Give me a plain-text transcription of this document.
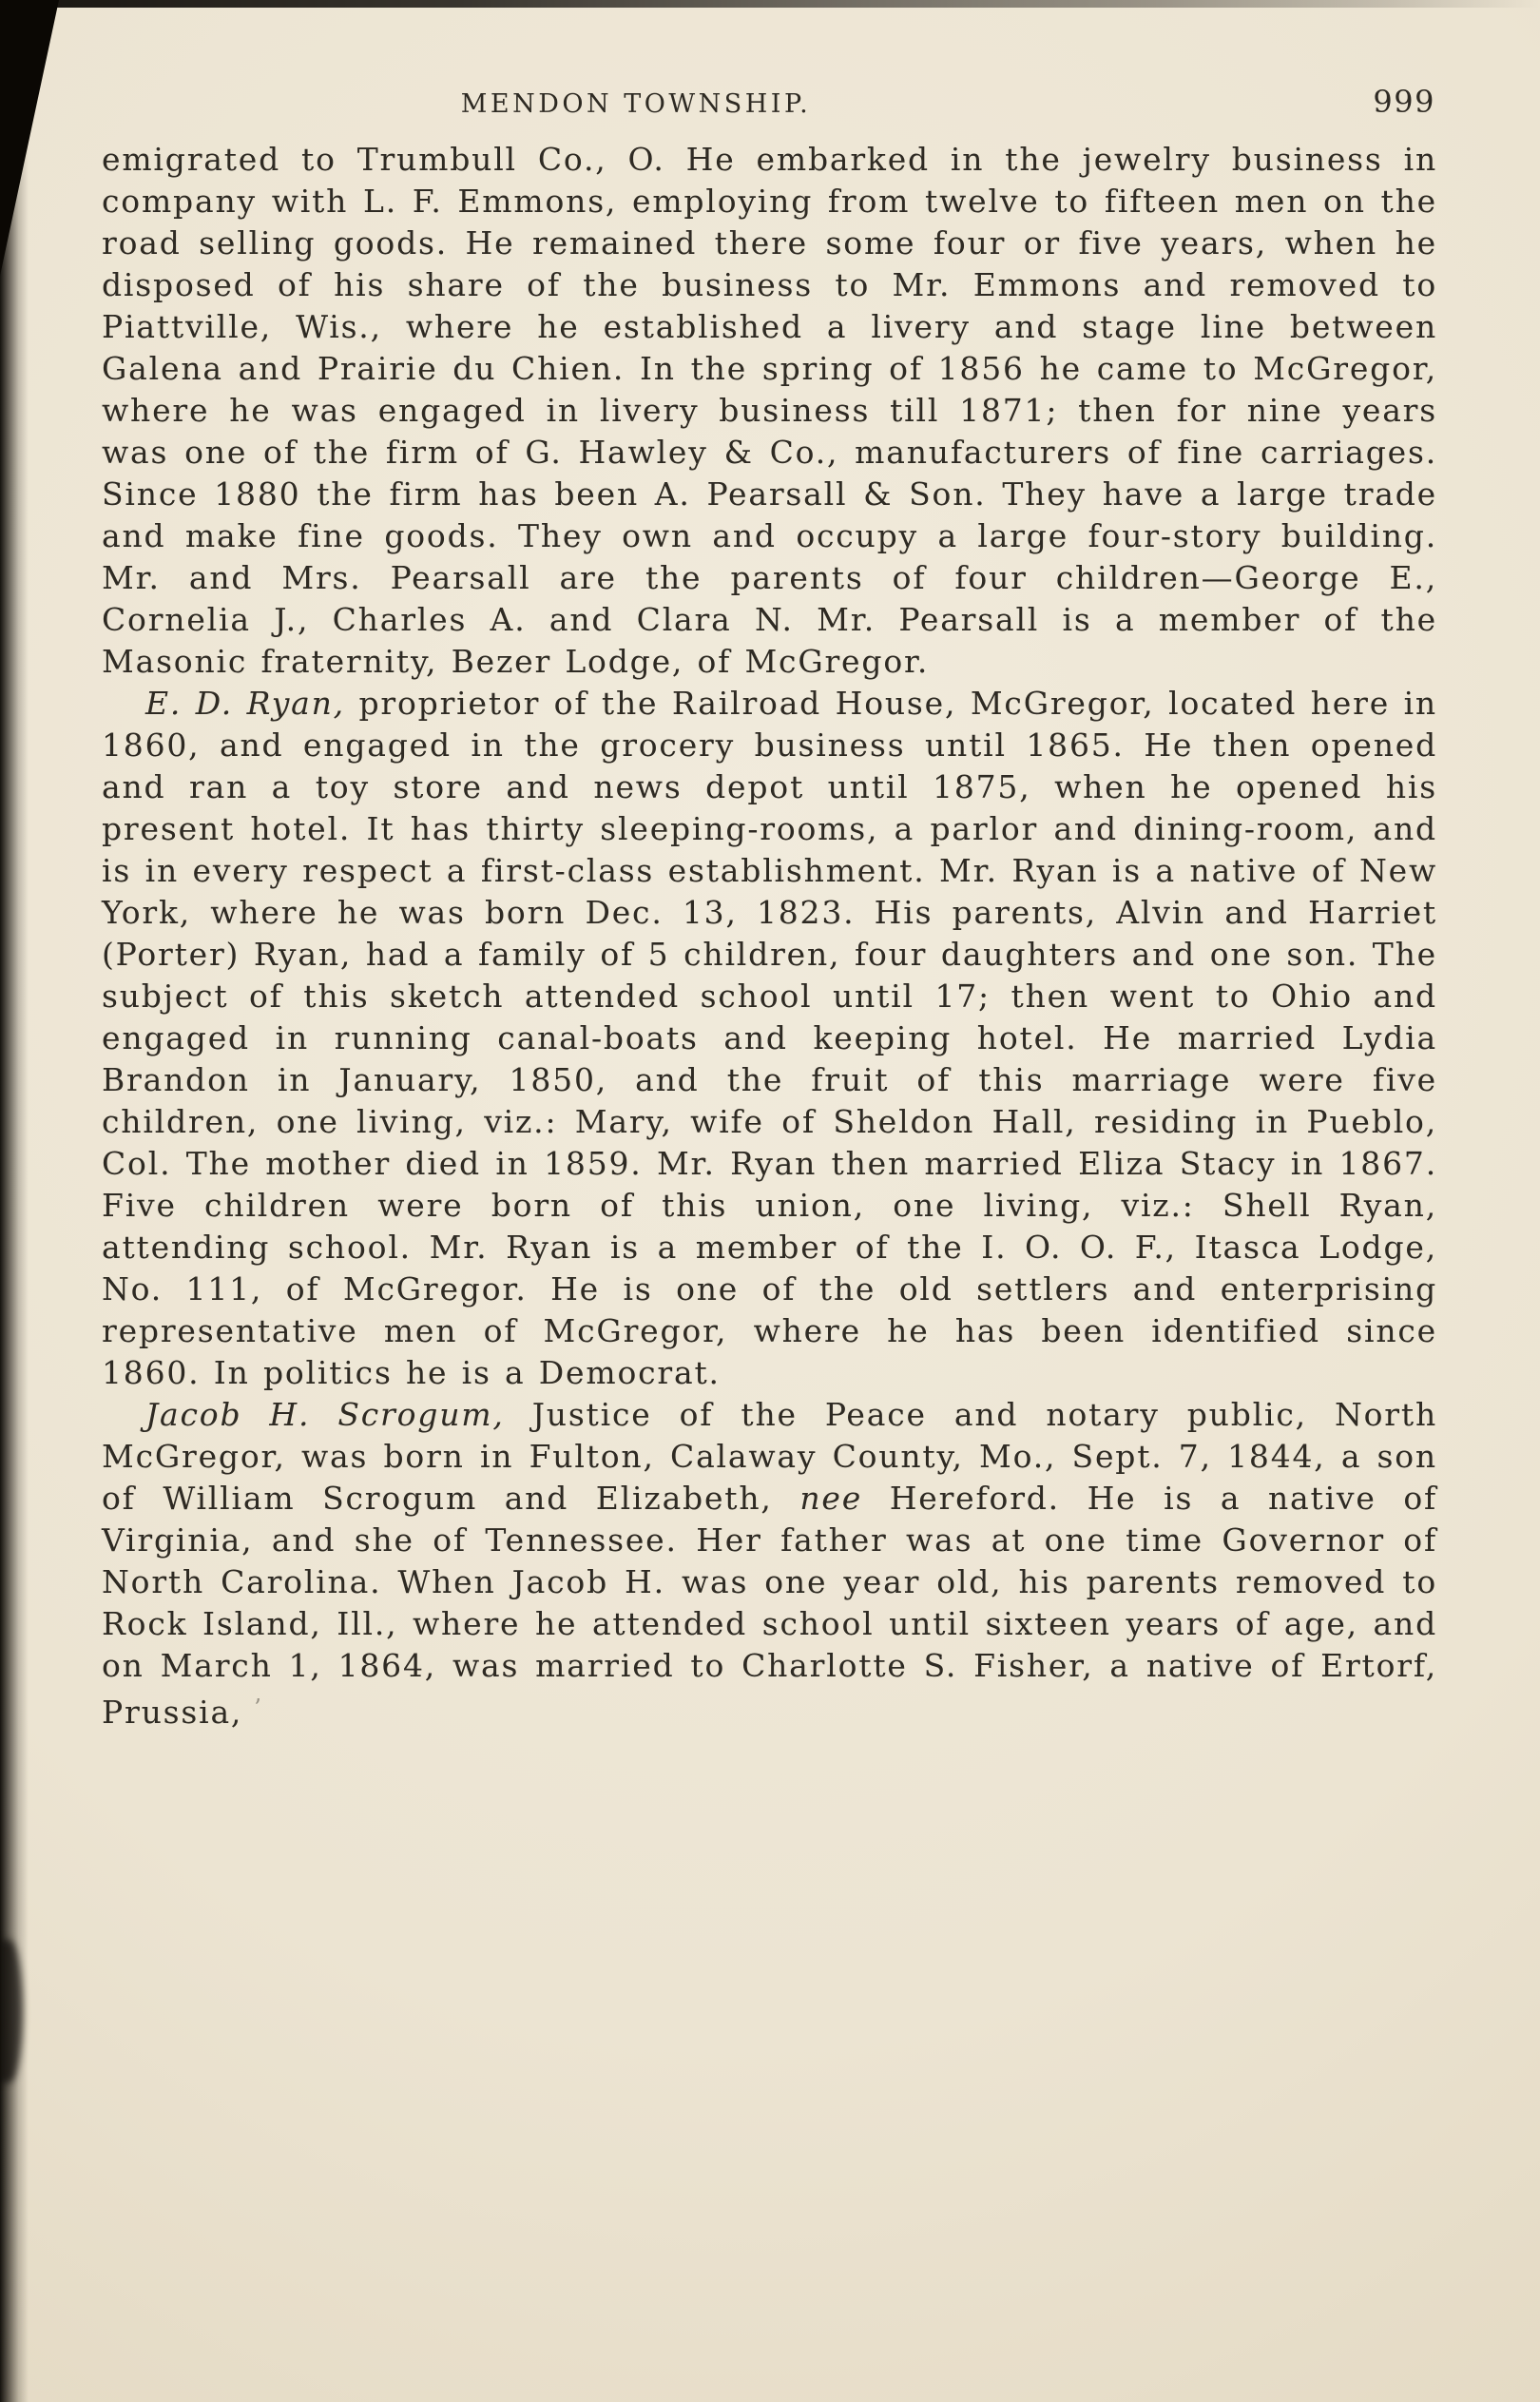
MENDON TOWNSHIP.	999

emigrated to Trumbull Co., O. He embarked in the jewelry business in company with L. F. Emmons, employing from twelve to fifteen men on the road selling goods. He remained there some four or five years, when he disposed of his share of the business to Mr. Emmons and removed to Piattville, Wis., where he established a livery and stage line between Galena and Prairie du Chien. In the spring of 1856 he came to McGregor, where he was engaged in livery business till 1871; then for nine years was one of the firm of G. Hawley & Co., manufacturers of fine carriages. Since 1880 the firm has been A. Pearsall & Son. They have a large trade and make fine goods. They own and occupy a large four-story building. Mr. and Mrs. Pearsall are the parents of four children—George E., Cornelia J., Charles A. and Clara N. Mr. Pearsall is a member of the Masonic fraternity, Bezer Lodge, of McGregor.

E. D. Ryan, proprietor of the Railroad House, McGregor, located here in 1860, and engaged in the grocery business until 1865. He then opened and ran a toy store and news depot until 1875, when he opened his present hotel. It has thirty sleeping-rooms, a parlor and dining-room, and is in every respect a first-class establishment. Mr. Ryan is a native of New York, where he was born Dec. 13, 1823. His parents, Alvin and Harriet (Porter) Ryan, had a family of 5 children, four daughters and one son. The subject of this sketch attended school until 17; then went to Ohio and engaged in running canal-boats and keeping hotel. He married Lydia Brandon in January, 1850, and the fruit of this marriage were five children, one living, viz.: Mary, wife of Sheldon Hall, residing in Pueblo, Col. The mother died in 1859. Mr. Ryan then married Eliza Stacy in 1867. Five children were born of this union, one living, viz.: Shell Ryan, attending school. Mr. Ryan is a member of the I. O. O. F., Itasca Lodge, No. 111, of McGregor. He is one of the old settlers and enterprising representative men of McGregor, where he has been identified since 1860. In politics he is a Democrat.

Jacob H. Scrogum, Justice of the Peace and notary public, North McGregor, was born in Fulton, Calaway County, Mo., Sept. 7, 1844, a son of William Scrogum and Elizabeth, nee Hereford. He is a native of Virginia, and she of Tennessee. Her father was at one time Governor of North Carolina. When Jacob H. was one year old, his parents removed to Rock Island, Ill., where he attended school until sixteen years of age, and on March 1, 1864, was married to Charlotte S. Fisher, a native of Ertorf, Prussia, ’
